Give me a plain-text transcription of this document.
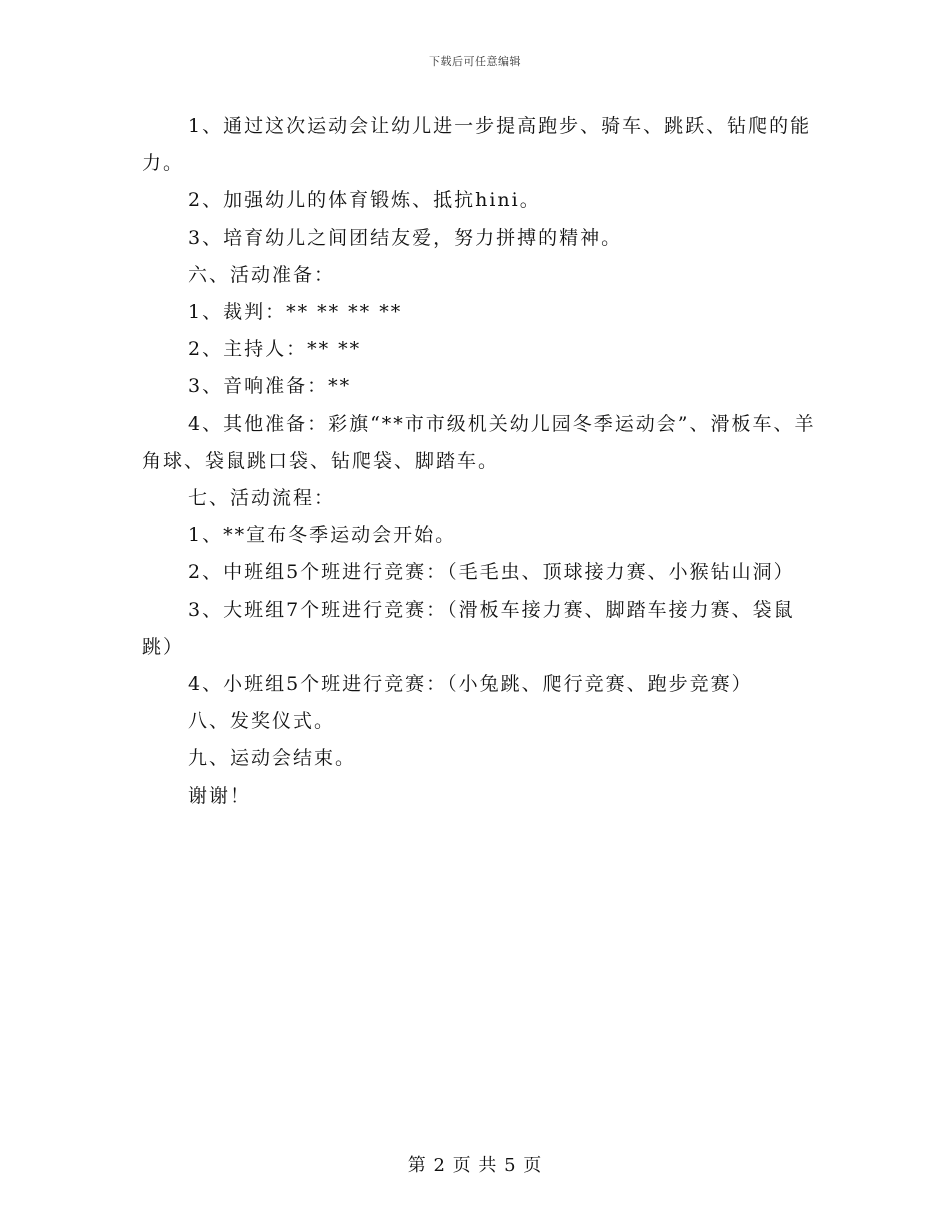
下载后可任意编辑

1、通过这次运动会让幼儿进一步提高跑步、骑车、跳跃、钻爬的能力。

2、加强幼儿的体育锻炼、抵抗hini。

3、培育幼儿之间团结友爱，努力拼搏的精神。

六、活动准备：

1、裁判：** ** ** **

2、主持人：** **

3、音响准备：**

4、其他准备：彩旗“**市市级机关幼儿园冬季运动会”、滑板车、羊角球、袋鼠跳口袋、钻爬袋、脚踏车。

七、活动流程：

1、**宣布冬季运动会开始。

2、中班组5个班进行竞赛：（毛毛虫、顶球接力赛、小猴钻山洞）

3、大班组7个班进行竞赛：（滑板车接力赛、脚踏车接力赛、袋鼠跳）

4、小班组5个班进行竞赛：（小兔跳、爬行竞赛、跑步竞赛）

八、发奖仪式。

九、运动会结束。

谢谢！

第 2 页 共 5 页
